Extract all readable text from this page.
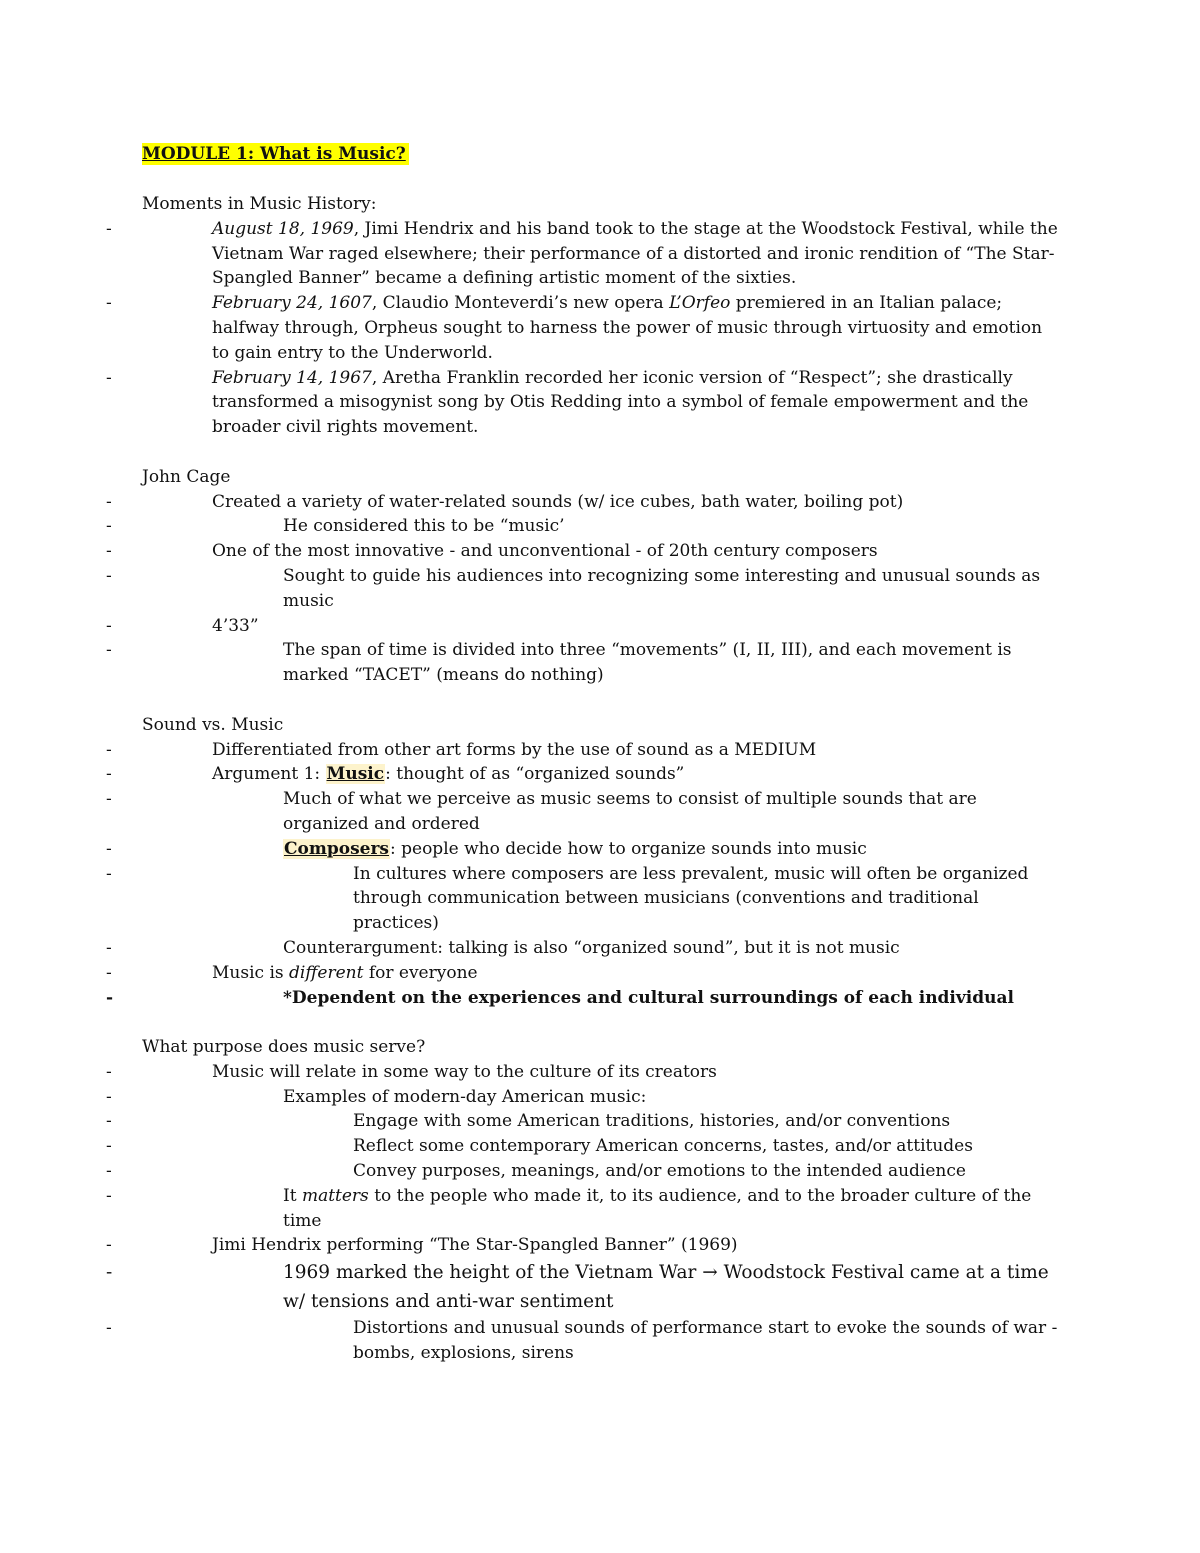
MODULE 1: What is Music?
Moments in Music History:
- August 18, 1969, Jimi Hendrix and his band took to the stage at the Woodstock Festival, while the Vietnam War raged elsewhere; their performance of a distorted and ironic rendition of “The Star-Spangled Banner” became a defining artistic moment of the sixties.
- February 24, 1607, Claudio Monteverdi’s new opera L’Orfeo premiered in an Italian palace; halfway through, Orpheus sought to harness the power of music through virtuosity and emotion to gain entry to the Underworld.
- February 14, 1967, Aretha Franklin recorded her iconic version of “Respect”; she drastically transformed a misogynist song by Otis Redding into a symbol of female empowerment and the broader civil rights movement.
John Cage
- Created a variety of water-related sounds (w/ ice cubes, bath water, boiling pot)
- He considered this to be “music’
- One of the most innovative - and unconventional - of 20th century composers
- Sought to guide his audiences into recognizing some interesting and unusual sounds as music
- 4’33”
- The span of time is divided into three “movements” (I, II, III), and each movement is marked “TACET” (means do nothing)
Sound vs. Music
- Differentiated from other art forms by the use of sound as a MEDIUM
- Argument 1: Music: thought of as “organized sounds”
- Much of what we perceive as music seems to consist of multiple sounds that are organized and ordered
- Composers: people who decide how to organize sounds into music
- In cultures where composers are less prevalent, music will often be organized through communication between musicians (conventions and traditional practices)
- Counterargument: talking is also “organized sound”, but it is not music
- Music is different for everyone
- *Dependent on the experiences and cultural surroundings of each individual
What purpose does music serve?
- Music will relate in some way to the culture of its creators
- Examples of modern-day American music:
- Engage with some American traditions, histories, and/or conventions
- Reflect some contemporary American concerns, tastes, and/or attitudes
- Convey purposes, meanings, and/or emotions to the intended audience
- It matters to the people who made it, to its audience, and to the broader culture of the time
- Jimi Hendrix performing “The Star-Spangled Banner” (1969)
- 1969 marked the height of the Vietnam War → Woodstock Festival came at a time w/ tensions and anti-war sentiment
- Distortions and unusual sounds of performance start to evoke the sounds of war - bombs, explosions, sirens
